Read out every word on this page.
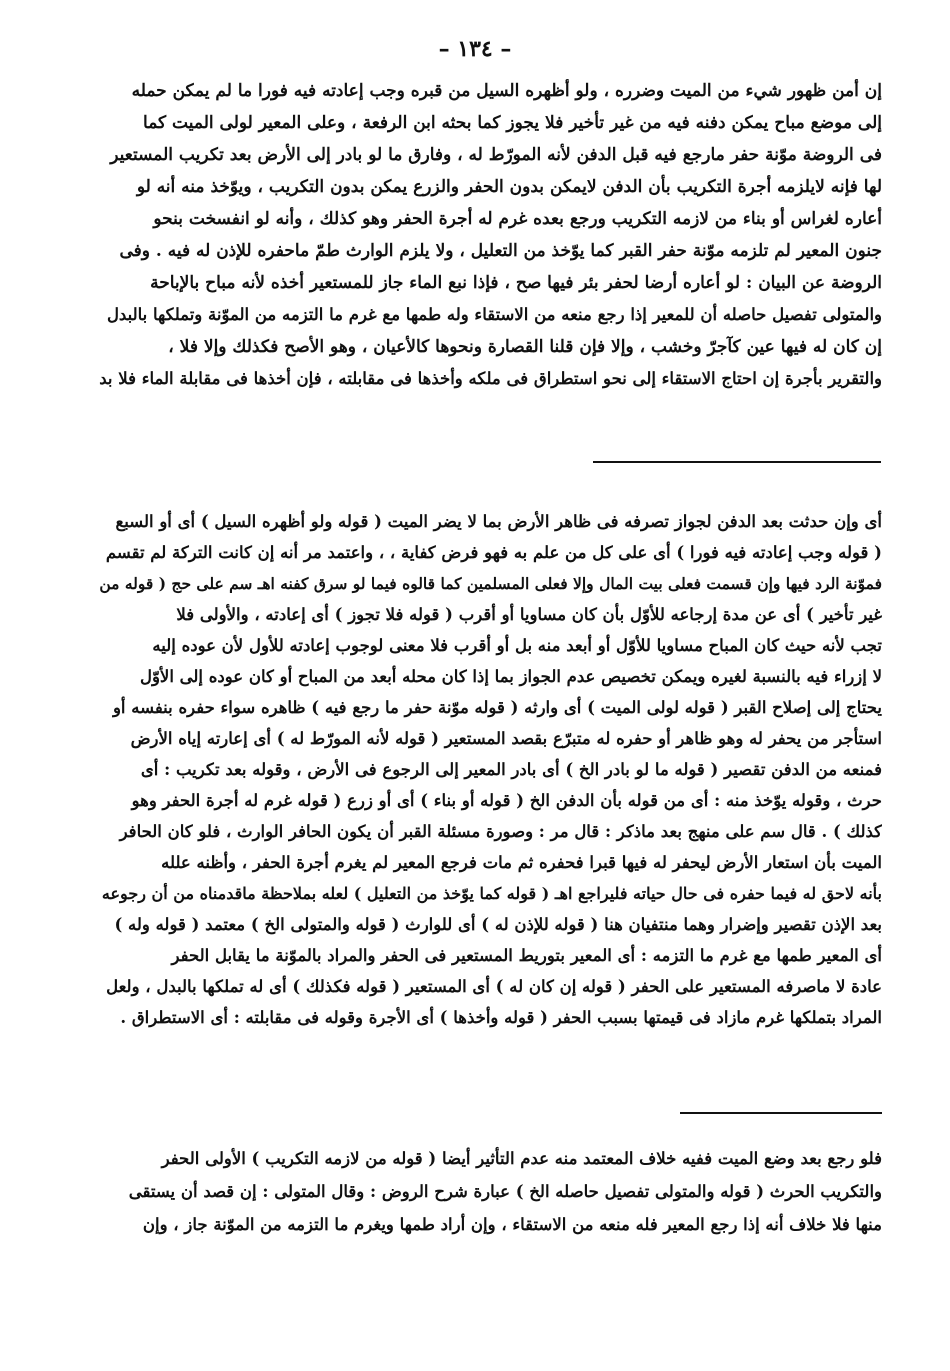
– ١٣٤ –
إن أمن ظهور شيء من الميت وضرره ، ولو أظهره السيل من قبره وجب إعادته فيه فورا ما لم يمكن حمله
إلى موضع مباح يمكن دفنه فيه من غير تأخير فلا يجوز كما بحثه ابن الرفعة ، وعلى المعير لولى الميت كما
فى الروضة موّنة حفر مارجع فيه قبل الدفن لأنه المورّط له ، وفارق ما لو بادر إلى الأرض بعد تكريب المستعير
لها فإنه لايلزمه أجرة التكريب بأن الدفن لايمكن بدون الحفر والزرع يمكن بدون التكريب ، ويوّخذ منه أنه لو
أعاره لغراس أو بناء من لازمه التكريب ورجع بعده غرم له أجرة الحفر وهو كذلك ، وأنه لو انفسخت بنحو
جنون المعير لم تلزمه موّنة حفر القبر كما يوّخذ من التعليل ، ولا يلزم الوارث طمّ ماحفره للإذن له فيه . وفى
الروضة عن البيان : لو أعاره أرضا لحفر بئر فيها صح ، فإذا نبع الماء جاز للمستعير أخذه لأنه مباح بالإباحة
والمتولى تفصيل حاصله أن للمعير إذا رجع منعه من الاستقاء وله طمها مع غرم ما التزمه من الموّنة وتملكها بالبدل
إن كان له فيها عين كآجرّ وخشب ، وإلا فإن قلنا القصارة ونحوها كالأعيان ، وهو الأصح فكذلك وإلا فلا ،
والتقرير بأجرة إن احتاج الاستقاء إلى نحو استطراق فى ملكه وأخذها فى مقابلته ، فإن أخذها فى مقابلة الماء فلا بد
أى وإن حدثت بعد الدفن لجواز تصرفه فى ظاهر الأرض بما لا يضر الميت ( قوله ولو أظهره السيل ) أى أو السبع
( قوله وجب إعادته فيه فورا ) أى على كل من علم به فهو فرض كفاية ، ، واعتمد مر أنه إن كانت التركة لم تقسم
فموّنة الرد فيها وإن قسمت فعلى بيت المال وإلا فعلى المسلمين كما قالوه فيما لو سرق كفنه اهـ سم على حج ( قوله من
غير تأخير ) أى عن مدة إرجاعه للأوّل بأن كان مساويا أو أقرب ( قوله فلا تجوز ) أى إعادته ، والأولى فلا
تجب لأنه حيث كان المباح مساويا للأوّل أو أبعد منه بل أو أقرب فلا معنى لوجوب إعادته للأول لأن عوده إليه
لا إزراء فيه بالنسبة لغيره ويمكن تخصيص عدم الجواز بما إذا كان محله أبعد من المباح أو كان عوده إلى الأوّل
يحتاج إلى إصلاح القبر ( قوله لولى الميت ) أى وارثه ( قوله موّنة حفر ما رجع فيه ) ظاهره سواء حفره بنفسه أو
استأجر من يحفر له وهو ظاهر أو حفره له متبرّع بقصد المستعير ( قوله لأنه المورّط له ) أى إعارته إياه الأرض
فمنعه من الدفن تقصير ( قوله ما لو بادر الخ ) أى بادر المعير إلى الرجوع فى الأرض ، وقوله بعد تكريب : أى
حرث ، وقوله يوّخذ منه : أى من قوله بأن الدفن الخ ( قوله أو بناء ) أى أو زرع ( قوله غرم له أجرة الحفر وهو
كذلك ) . قال سم على منهج بعد ماذكر : قال مر : وصورة مسئلة القبر أن يكون الحافر الوارث ، فلو كان الحافر
الميت بأن استعار الأرض ليحفر له فيها قبرا فحفره ثم مات فرجع المعير لم يغرم أجرة الحفر ، وأظنه علله
بأنه لاحق له فيما حفره فى حال حياته فليراجع اهـ ( قوله كما يوّخذ من التعليل ) لعله بملاحظة ماقدمناه من أن رجوعه
بعد الإذن تقصير وإضرار وهما منتفيان هنا ( قوله للإذن له ) أى للوارث ( قوله والمتولى الخ ) معتمد ( قوله وله )
أى المعير طمها مع غرم ما التزمه : أى المعير بتوريط المستعير فى الحفر والمراد بالموّنة ما يقابل الحفر
عادة لا ماصرفه المستعير على الحفر ( قوله إن كان له ) أى المستعير ( قوله فكذلك ) أى له تملكها بالبدل ، ولعل
المراد بتملكها غرم مازاد فى قيمتها بسبب الحفر ( قوله وأخذها ) أى الأجرة وقوله فى مقابلته : أى الاستطراق .
فلو رجع بعد وضع الميت ففيه خلاف المعتمد منه عدم التأثير أيضا ( قوله من لازمه التكريب ) الأولى الحفر
والتكريب الحرث ( قوله والمتولى تفصيل حاصله الخ ) عبارة شرح الروض : وقال المتولى : إن قصد أن يستقى
منها فلا خلاف أنه إذا رجع المعير فله منعه من الاستقاء ، وإن أراد طمها ويغرم ما التزمه من الموّنة جاز ، وإن
